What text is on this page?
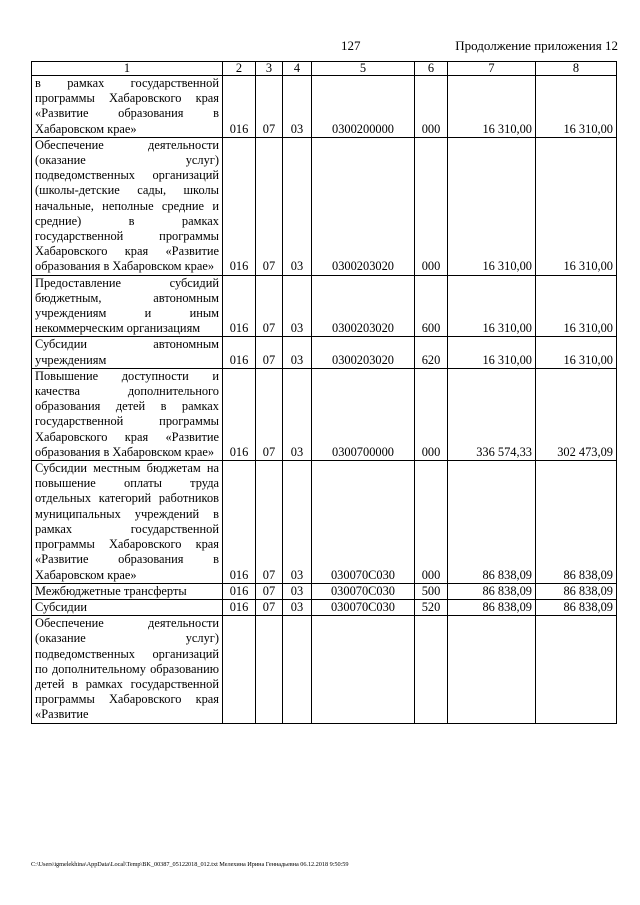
127	Продолжение приложения 12
1	2	3	4	5	6	7	8
в рамках государственной программы Хабаровского края «Развитие образования в Хабаровском крае»	016	07	03	0300200000	000	16 310,00	16 310,00
Обеспечение деятельности (оказание услуг) подведомственных организаций (школы-детские сады, школы начальные, неполные средние и средние) в рамках государственной программы Хабаровского края «Развитие образования в Хабаровском крае»	016	07	03	0300203020	000	16 310,00	16 310,00
Предоставление субсидий бюджетным, автономным учреждениям и иным некоммерческим организациям	016	07	03	0300203020	600	16 310,00	16 310,00
Субсидии автономным учреждениям	016	07	03	0300203020	620	16 310,00	16 310,00
Повышение доступности и качества дополнительного образования детей в рамках государственной программы Хабаровского края «Развитие образования в Хабаровском крае»	016	07	03	0300700000	000	336 574,33	302 473,09
Субсидии местным бюджетам на повышение оплаты труда отдельных категорий работников муниципальных учреждений в рамках государственной программы Хабаровского края «Развитие образования в Хабаровском крае»	016	07	03	030070С030	000	86 838,09	86 838,09
Межбюджетные трансферты	016	07	03	030070С030	500	86 838,09	86 838,09
Субсидии	016	07	03	030070С030	520	86 838,09	86 838,09
Обеспечение деятельности (оказание услуг) подведомственных организаций по дополнительному образованию детей в рамках государственной программы Хабаровского края «Развитие							
C:\Users\igmelekhina\AppData\Local\Temp\BK_00387_05122018_012.txt Мелехина Ирина Геннадьевна 06.12.2018 9:50:59
